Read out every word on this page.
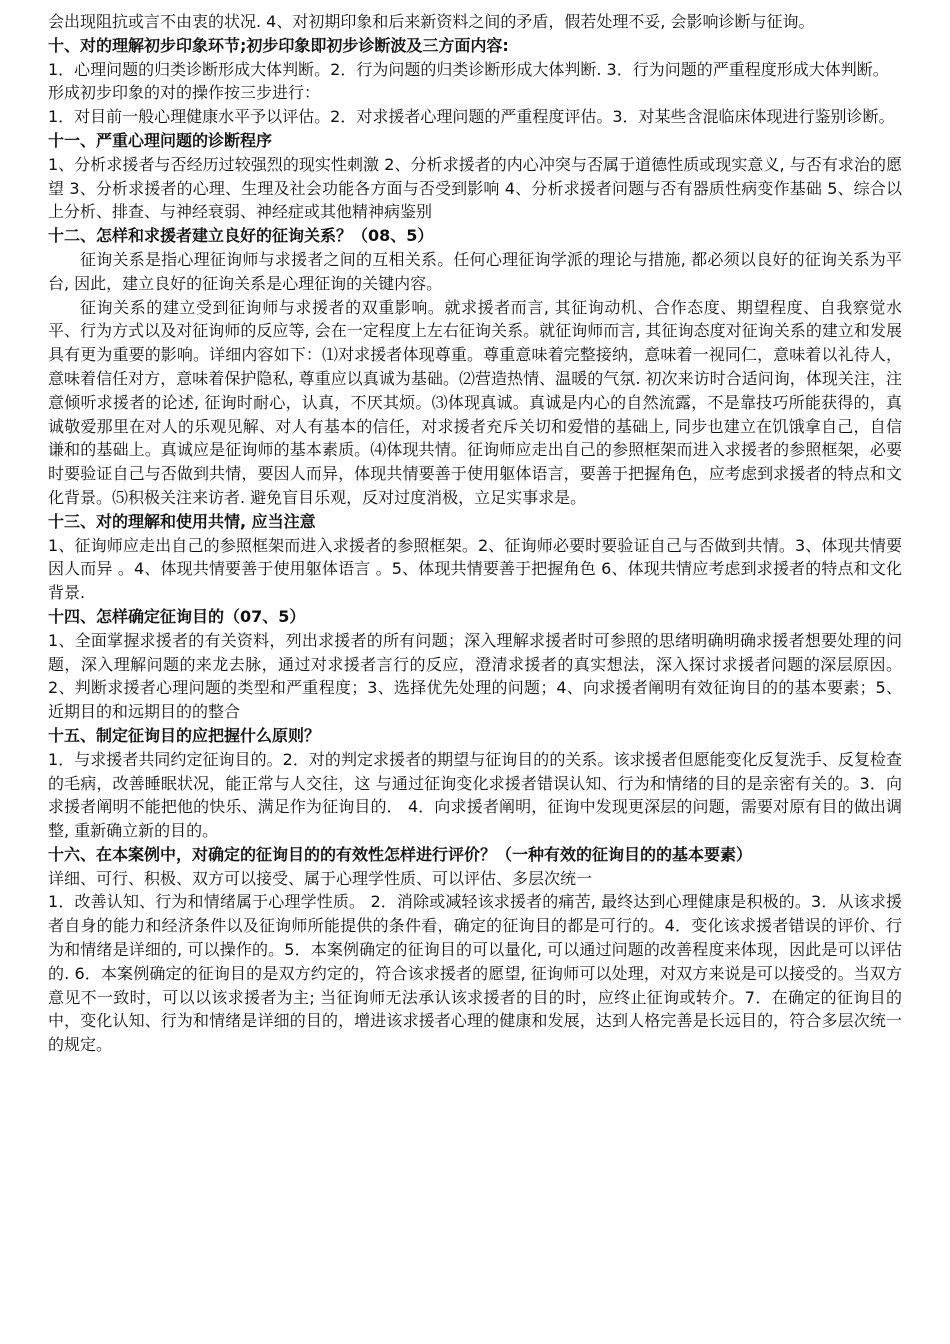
会出现阻抗或言不由衷的状况. 4、对初期印象和后来新资料之间的矛盾，假若处理不妥, 会影响诊断与征询。

十、对的理解初步印象环节;初步印象即初步诊断波及三方面内容:

1．心理问题的归类诊断形成大体判断。2．行为问题的归类诊断形成大体判断. 3．行为问题的严重程度形成大体判断。

形成初步印象的对的操作按三步进行：

1．对目前一般心理健康水平予以评估。2．对求援者心理问题的严重程度评估。3．对某些含混临床体现进行鉴别诊断。

十一、严重心理问题的诊断程序

1、分析求援者与否经历过较强烈的现实性刺激 2、分析求援者的内心冲突与否属于道德性质或现实意义, 与否有求治的愿望 3、分析求援者的心理、生理及社会功能各方面与否受到影响 4、分析求援者问题与否有器质性病变作基础 5、综合以上分析、排查、与神经衰弱、神经症或其他精神病鉴别

十二、怎样和求援者建立良好的征询关系？（08、5）

征询关系是指心理征询师与求援者之间的互相关系。任何心理征询学派的理论与措施, 都必须以良好的征询关系为平台, 因此，建立良好的征询关系是心理征询的关键内容。

征询关系的建立受到征询师与求援者的双重影响。就求援者而言, 其征询动机、合作态度、期望程度、自我察觉水平、行为方式以及对征询师的反应等, 会在一定程度上左右征询关系。就征询师而言, 其征询态度对征询关系的建立和发展具有更为重要的影响。详细内容如下：⑴对求援者体现尊重。尊重意味着完整接纳，意味着一视同仁，意味着以礼待人，意味着信任对方，意味着保护隐私, 尊重应以真诚为基础。⑵营造热情、温暖的气氛. 初次来访时合适问询，体现关注，注意倾听求援者的论述, 征询时耐心，认真，不厌其烦。⑶体现真诚。真诚是内心的自然流露，不是靠技巧所能获得的，真诚敬爱那里在对人的乐观见解、对人有基本的信任，对求援者充斥关切和爱惜的基础上, 同步也建立在饥饿拿自己，自信谦和的基础上。真诚应是征询师的基本素质。⑷体现共情。征询师应走出自己的参照框架而进入求援者的参照框架，必要时要验证自己与否做到共情，要因人而异，体现共情要善于使用躯体语言，要善于把握角色，应考虑到求援者的特点和文化背景。⑸积极关注来访者. 避免盲目乐观，反对过度消极，立足实事求是。

十三、对的理解和使用共情, 应当注意

1、征询师应走出自己的参照框架而进入求援者的参照框架。2、征询师必要时要验证自己与否做到共情。3、体现共情要因人而异 。4、体现共情要善于使用躯体语言 。5、体现共情要善于把握角色 6、体现共情应考虑到求援者的特点和文化背景.

十四、怎样确定征询目的（07、5）

1、全面掌握求援者的有关资料，列出求援者的所有问题；深入理解求援者时可参照的思绪明确明确求援者想要处理的问题，深入理解问题的来龙去脉，通过对求援者言行的反应，澄清求援者的真实想法，深入探讨求援者问题的深层原因。2、判断求援者心理问题的类型和严重程度；3、选择优先处理的问题；4、向求援者阐明有效征询目的的基本要素；5、近期目的和远期目的的整合

十五、制定征询目的应把握什么原则？

1．与求援者共同约定征询目的。2．对的判定求援者的期望与征询目的的关系。该求援者但愿能变化反复洗手、反复检查的毛病，改善睡眠状况，能正常与人交往，这 与通过征询变化求援者错误认知、行为和情绪的目的是亲密有关的。3．向求援者阐明不能把他的快乐、满足作为征询目的． 4．向求援者阐明，征询中发现更深层的问题，需要对原有目的做出调整, 重新确立新的目的。

十六、在本案例中，对确定的征询目的的有效性怎样进行评价？（一种有效的征询目的的基本要素）

详细、可行、积极、双方可以接受、属于心理学性质、可以评估、多层次统一

1．改善认知、行为和情绪属于心理学性质。 2．消除或减轻该求援者的痛苦, 最终达到心理健康是积极的。3．从该求援者自身的能力和经济条件以及征询师所能提供的条件看，确定的征询目的都是可行的。4．变化该求援者错误的评价、行为和情绪是详细的, 可以操作的。5．本案例确定的征询目的可以量化, 可以通过问题的改善程度来体现，因此是可以评估的. 6．本案例确定的征询目的是双方约定的，符合该求援者的愿望, 征询师可以处理，对双方来说是可以接受的。当双方意见不一致时，可以以该求援者为主; 当征询师无法承认该求援者的目的时，应终止征询或转介。7．在确定的征询目的中，变化认知、行为和情绪是详细的目的，增进该求援者心理的健康和发展，达到人格完善是长远目的，符合多层次统一的规定。
